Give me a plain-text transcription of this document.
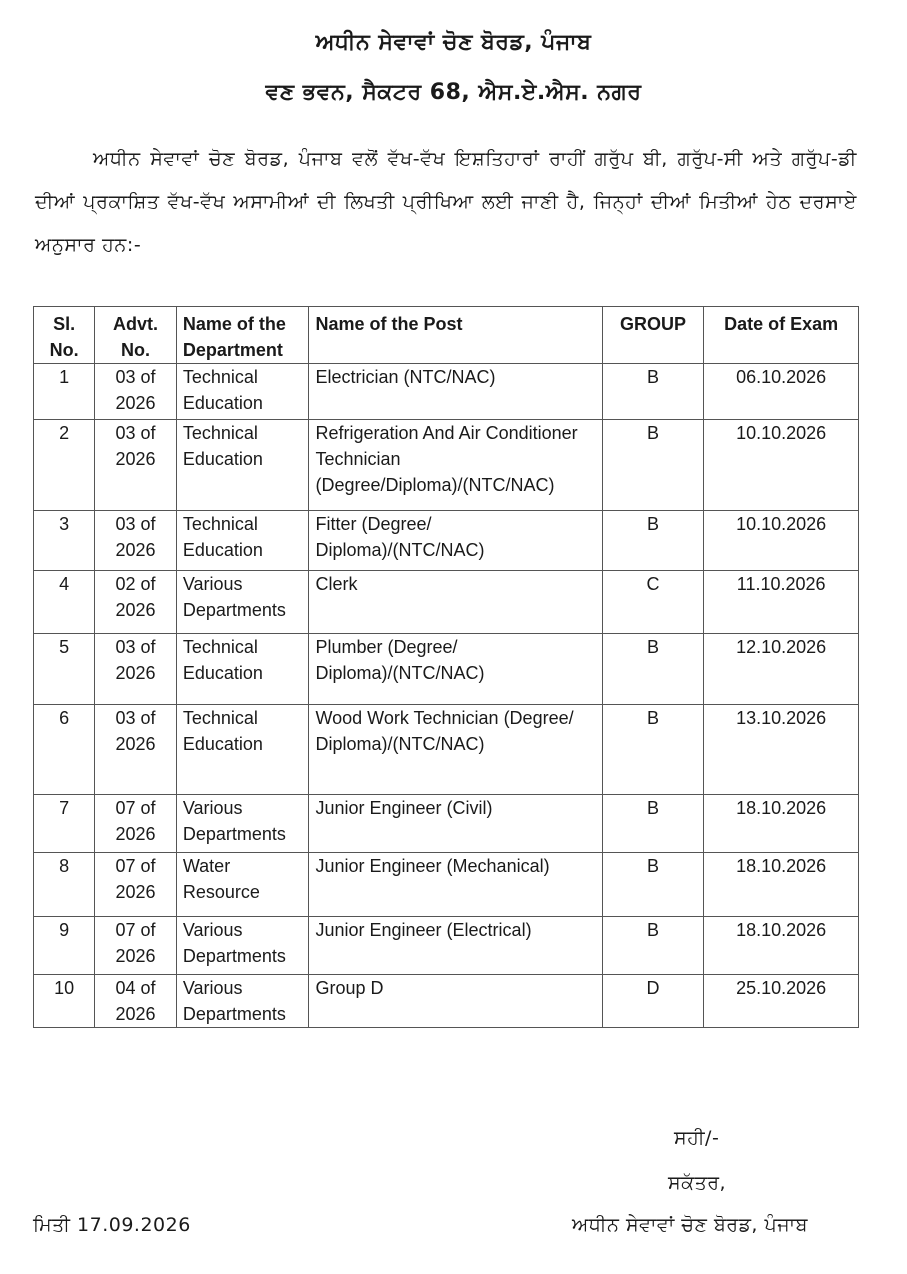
ਅਧੀਨ ਸੇਵਾਵਾਂ ਚੋਣ ਬੋਰਡ, ਪੰਜਾਬ
ਵਣ ਭਵਨ, ਸੈਕਟਰ 68, ਐਸ.ਏ.ਐਸ. ਨਗਰ
ਅਧੀਨ ਸੇਵਾਵਾਂ ਚੋਣ ਬੋਰਡ, ਪੰਜਾਬ ਵਲੋਂ ਵੱਖ-ਵੱਖ ਇਸ਼ਤਿਹਾਰਾਂ ਰਾਹੀਂ ਗਰੁੱਪ ਬੀ, ਗਰੁੱਪ-ਸੀ ਅਤੇ ਗਰੁੱਪ-ਡੀ ਦੀਆਂ ਪ੍ਰਕਾਸ਼ਿਤ ਵੱਖ-ਵੱਖ ਅਸਾਮੀਆਂ ਦੀ ਲਿਖਤੀ ਪ੍ਰੀਖਿਆ ਲਈ ਜਾਣੀ ਹੈ, ਜਿਨ੍ਹਾਂ ਦੀਆਂ ਮਿਤੀਆਂ ਹੇਠ ਦਰਸਾਏ ਅਨੁਸਾਰ ਹਨ:-
Sl. No.	Advt. No.	Name of the Department	Name of the Post	GROUP	Date of Exam
1	03 of 2026	Technical Education	Electrician (NTC/NAC)	B	06.10.2026
2	03 of 2026	Technical Education	Refrigeration And Air Conditioner Technician (Degree/Diploma)/(NTC/NAC)	B	10.10.2026
3	03 of 2026	Technical Education	Fitter (Degree/ Diploma)/(NTC/NAC)	B	10.10.2026
4	02 of 2026	Various Departments	Clerk	C	11.10.2026
5	03 of 2026	Technical Education	Plumber (Degree/ Diploma)/(NTC/NAC)	B	12.10.2026
6	03 of 2026	Technical Education	Wood Work Technician (Degree/ Diploma)/(NTC/NAC)	B	13.10.2026
7	07 of 2026	Various Departments	Junior Engineer (Civil)	B	18.10.2026
8	07 of 2026	Water Resource	Junior Engineer (Mechanical)	B	18.10.2026
9	07 of 2026	Various Departments	Junior Engineer (Electrical)	B	18.10.2026
10	04 of 2026	Various Departments	Group D	D	25.10.2026
ਸਹੀ/-
ਸਕੱਤਰ,
ਅਧੀਨ ਸੇਵਾਵਾਂ ਚੋਣ ਬੋਰਡ, ਪੰਜਾਬ
ਮਿਤੀ 17.09.2026
